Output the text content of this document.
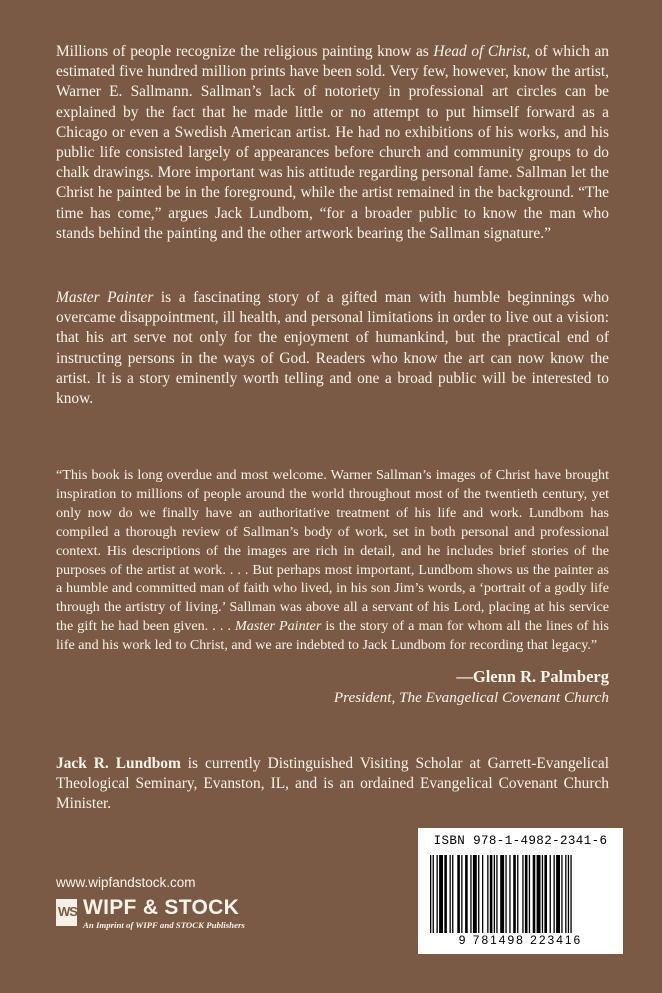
Millions of people recognize the religious painting know as Head of Christ, of which an estimated five hundred million prints have been sold. Very few, however, know the artist, Warner E. Sallmann. Sallman’s lack of notoriety in professional art circles can be explained by the fact that he made little or no attempt to put himself forward as a Chicago or even a Swedish American artist. He had no exhibitions of his works, and his public life consisted largely of appearances before church and community groups to do chalk drawings. More important was his attitude regarding personal fame. Sallman let the Christ he painted be in the foreground, while the artist remained in the background. “The time has come,” argues Jack Lundbom, “for a broader public to know the man who stands behind the painting and the other artwork bearing the Sallman signature.”

Master Painter is a fascinating story of a gifted man with humble beginnings who overcame disappointment, ill health, and personal limitations in order to live out a vision: that his art serve not only for the enjoyment of humankind, but the practical end of instructing persons in the ways of God. Readers who know the art can now know the artist. It is a story eminently worth telling and one a broad public will be interested to know.

“This book is long overdue and most welcome. Warner Sallman’s images of Christ have brought inspiration to millions of people around the world throughout most of the twentieth century, yet only now do we finally have an authoritative treatment of his life and work. Lundbom has compiled a thorough review of Sallman’s body of work, set in both personal and professional context. His descriptions of the images are rich in detail, and he includes brief stories of the purposes of the artist at work. . . . But perhaps most important, Lundbom shows us the painter as a humble and committed man of faith who lived, in his son Jim’s words, a ‘portrait of a godly life through the artistry of living.’ Sallman was above all a servant of his Lord, placing at his service the gift he had been given. . . . Master Painter is the story of a man for whom all the lines of his life and his work led to Christ, and we are indebted to Jack Lundbom for recording that legacy.”

—Glenn R. Palmberg
President, The Evangelical Covenant Church

Jack R. Lundbom is currently Distinguished Visiting Scholar at Garrett-Evangelical Theological Seminary, Evanston, IL, and is an ordained Evangelical Covenant Church Minister.

www.wipfandstock.com
WS WIPF & STOCK
An Imprint of WIPF and STOCK Publishers
ISBN 978-1-4982-2341-6
9 781498 223416
